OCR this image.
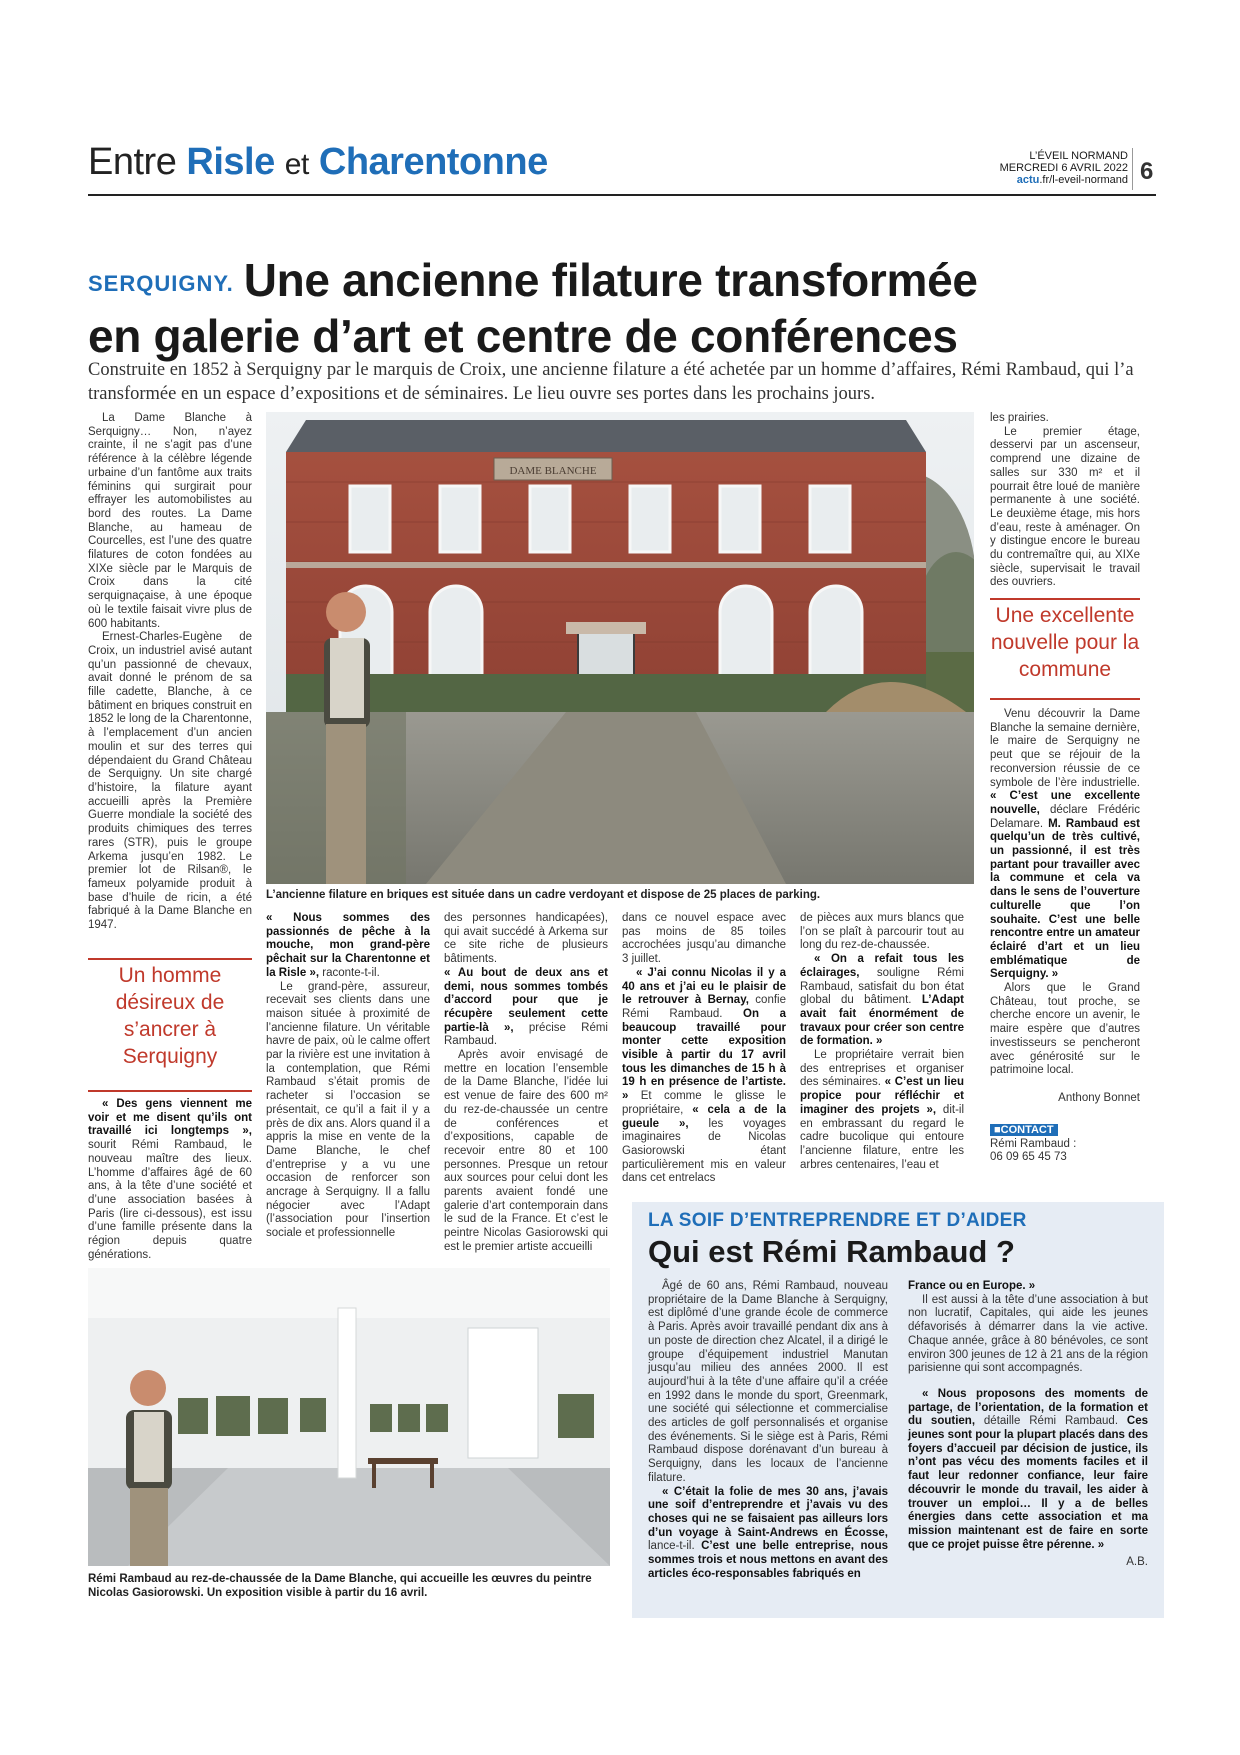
Entre Risle et Charentonne	L’ÉVEIL NORMAND
MERCREDI 6 AVRIL 2022
actu.fr/l-eveil-normand 6
SERQUIGNY. Une ancienne filature transformée
en galerie d’art et centre de conférences
Construite en 1852 à Serquigny par le marquis de Croix, une ancienne filature a été achetée par un homme d’affaires, Rémi Rambaud, qui l’a transformée en un espace d’expositions et de séminaires. Le lieu ouvre ses portes dans les prochains jours.

La Dame Blanche à Serquigny… Non, n’ayez crainte, il ne s’agit pas d’une référence à la célèbre légende urbaine d’un fantôme aux traits féminins qui surgirait pour effrayer les automobilistes au bord des routes. La Dame Blanche, au hameau de Courcelles, est l’une des quatre filatures de coton fondées au XIXe siècle par le Marquis de Croix dans la cité serquignaçaise, à une époque où le textile faisait vivre plus de 600 habitants.

Ernest-Charles-Eugène de Croix, un industriel avisé autant qu’un passionné de chevaux, avait donné le prénom de sa fille cadette, Blanche, à ce bâtiment en briques construit en 1852 le long de la Charentonne, à l’emplacement d’un ancien moulin et sur des terres qui dépendaient du Grand Château de Serquigny. Un site chargé d’histoire, la filature ayant accueilli après la Première Guerre mondiale la société des produits chimiques des terres rares (STR), puis le groupe Arkema jusqu’en 1982. Le premier lot de Rilsan®, le fameux polyamide produit à base d’huile de ricin, a été fabriqué à la Dame Blanche en 1947.

Un homme désireux de s’ancrer à Serquigny

« Des gens viennent me voir et me disent qu’ils ont travaillé ici longtemps », sourit Rémi Rambaud, le nouveau maître des lieux. L’homme d’affaires âgé de 60 ans, à la tête d’une société et d’une association basées à Paris (lire ci-dessous), est issu d’une famille présente dans la région depuis quatre générations.

DAME BLANCHE
L’ancienne filature en briques est située dans un cadre verdoyant et dispose de 25 places de parking.

« Nous sommes des passionnés de pêche à la mouche, mon grand-père pêchait sur la Charentonne et la Risle », raconte-t-il.

Le grand-père, assureur, recevait ses clients dans une maison située à proximité de l’ancienne filature. Un véritable havre de paix, où le calme offert par la rivière est une invitation à la contemplation, que Rémi Rambaud s’était promis de racheter si l’occasion se présentait, ce qu’il a fait il y a près de dix ans. Alors quand il a appris la mise en vente de la Dame Blanche, le chef d’entreprise y a vu une occasion de renforcer son ancrage à Serquigny. Il a fallu négocier avec l’Adapt (l’association pour l’insertion sociale et professionnelle

des personnes handicapées), qui avait succédé à Arkema sur ce site riche de plusieurs bâtiments.

« Au bout de deux ans et demi, nous sommes tombés d’accord pour que je récupère seulement cette partie-là », précise Rémi Rambaud.

Après avoir envisagé de mettre en location l’ensemble de la Dame Blanche, l’idée lui est venue de faire des 600 m² du rez-de-chaussée un centre de conférences et d’expositions, capable de recevoir entre 80 et 100 personnes. Presque un retour aux sources pour celui dont les parents avaient fondé une galerie d’art contemporain dans le sud de la France. Et c’est le peintre Nicolas Gasiorowski qui est le premier artiste accueilli

dans ce nouvel espace avec pas moins de 85 toiles accrochées jusqu’au dimanche 3 juillet.

« J’ai connu Nicolas il y a 40 ans et j’ai eu le plaisir de le retrouver à Bernay, confie Rémi Rambaud. On a beaucoup travaillé pour monter cette exposition visible à partir du 17 avril tous les dimanches de 15 h à 19 h en présence de l’artiste. » Et comme le glisse le propriétaire, « cela a de la gueule », les voyages imaginaires de Nicolas Gasiorowski étant particulièrement mis en valeur dans cet entrelacs

de pièces aux murs blancs que l’on se plaît à parcourir tout au long du rez-de-chaussée.

« On a refait tous les éclairages, souligne Rémi Rambaud, satisfait du bon état global du bâtiment. L’Adapt avait fait énormément de travaux pour créer son centre de formation. »

Le propriétaire verrait bien des entreprises et organiser des séminaires. « C’est un lieu propice pour réfléchir et imaginer des projets », dit-il en embrassant du regard le cadre bucolique qui entoure l’ancienne filature, entre les arbres centenaires, l’eau et

les prairies.

Le premier étage, desservi par un ascenseur, comprend une dizaine de salles sur 330 m² et il pourrait être loué de manière permanente à une société. Le deuxième étage, mis hors d’eau, reste à aménager. On y distingue encore le bureau du contremaître qui, au XIXe siècle, supervisait le travail des ouvriers.

Une excellente nouvelle pour la commune

Venu découvrir la Dame Blanche la semaine dernière, le maire de Serquigny ne peut que se réjouir de la reconversion réussie de ce symbole de l’ère industrielle. « C’est une excellente nouvelle, déclare Frédéric Delamare. M. Rambaud est quelqu’un de très cultivé, un passionné, il est très partant pour travailler avec la commune et cela va dans le sens de l’ouverture culturelle que l’on souhaite. C’est une belle rencontre entre un amateur éclairé d’art et un lieu emblématique de Serquigny. »

Alors que le Grand Château, tout proche, se cherche encore un avenir, le maire espère que d’autres investisseurs se pencheront avec générosité sur le patrimoine local.

Anthony Bonnet

■CONTACT
Rémi Rambaud :
06 09 65 45 73
Rémi Rambaud au rez-de-chaussée de la Dame Blanche, qui accueille les œuvres du peintre Nicolas Gasiorowski. Un exposition visible à partir du 16 avril.
LA SOIF D’ENTREPRENDRE ET D’AIDER
Qui est Rémi Rambaud ?

Âgé de 60 ans, Rémi Rambaud, nouveau propriétaire de la Dame Blanche à Serquigny, est diplômé d’une grande école de commerce à Paris. Après avoir travaillé pendant dix ans à un poste de direction chez Alcatel, il a dirigé le groupe d’équipement industriel Manutan jusqu’au milieu des années 2000. Il est aujourd’hui à la tête d’une affaire qu’il a créée en 1992 dans le monde du sport, Greenmark, une société qui sélectionne et commercialise des articles de golf personnalisés et organise des événements. Si le siège est à Paris, Rémi Rambaud dispose dorénavant d’un bureau à Serquigny, dans les locaux de l’ancienne filature.

« C’était la folie de mes 30 ans, j’avais une soif d’entreprendre et j’avais vu des choses qui ne se faisaient pas ailleurs lors d’un voyage à Saint-Andrews en Écosse, lance-t-il. C’est une belle entreprise, nous sommes trois et nous mettons en avant des articles éco-responsables fabriqués en

France ou en Europe. »

Il est aussi à la tête d’une association à but non lucratif, Capitales, qui aide les jeunes défavorisés à démarrer dans la vie active. Chaque année, grâce à 80 bénévoles, ce sont environ 300 jeunes de 12 à 21 ans de la région parisienne qui sont accompagnés.

« Nous proposons des moments de partage, de l’orientation, de la formation et du soutien, détaille Rémi Rambaud. Ces jeunes sont pour la plupart placés dans des foyers d’accueil par décision de justice, ils n’ont pas vécu des moments faciles et il faut leur redonner confiance, leur faire découvrir le monde du travail, les aider à trouver un emploi… Il y a de belles énergies dans cette association et ma mission maintenant est de faire en sorte que ce projet puisse être pérenne. »

A.B.
